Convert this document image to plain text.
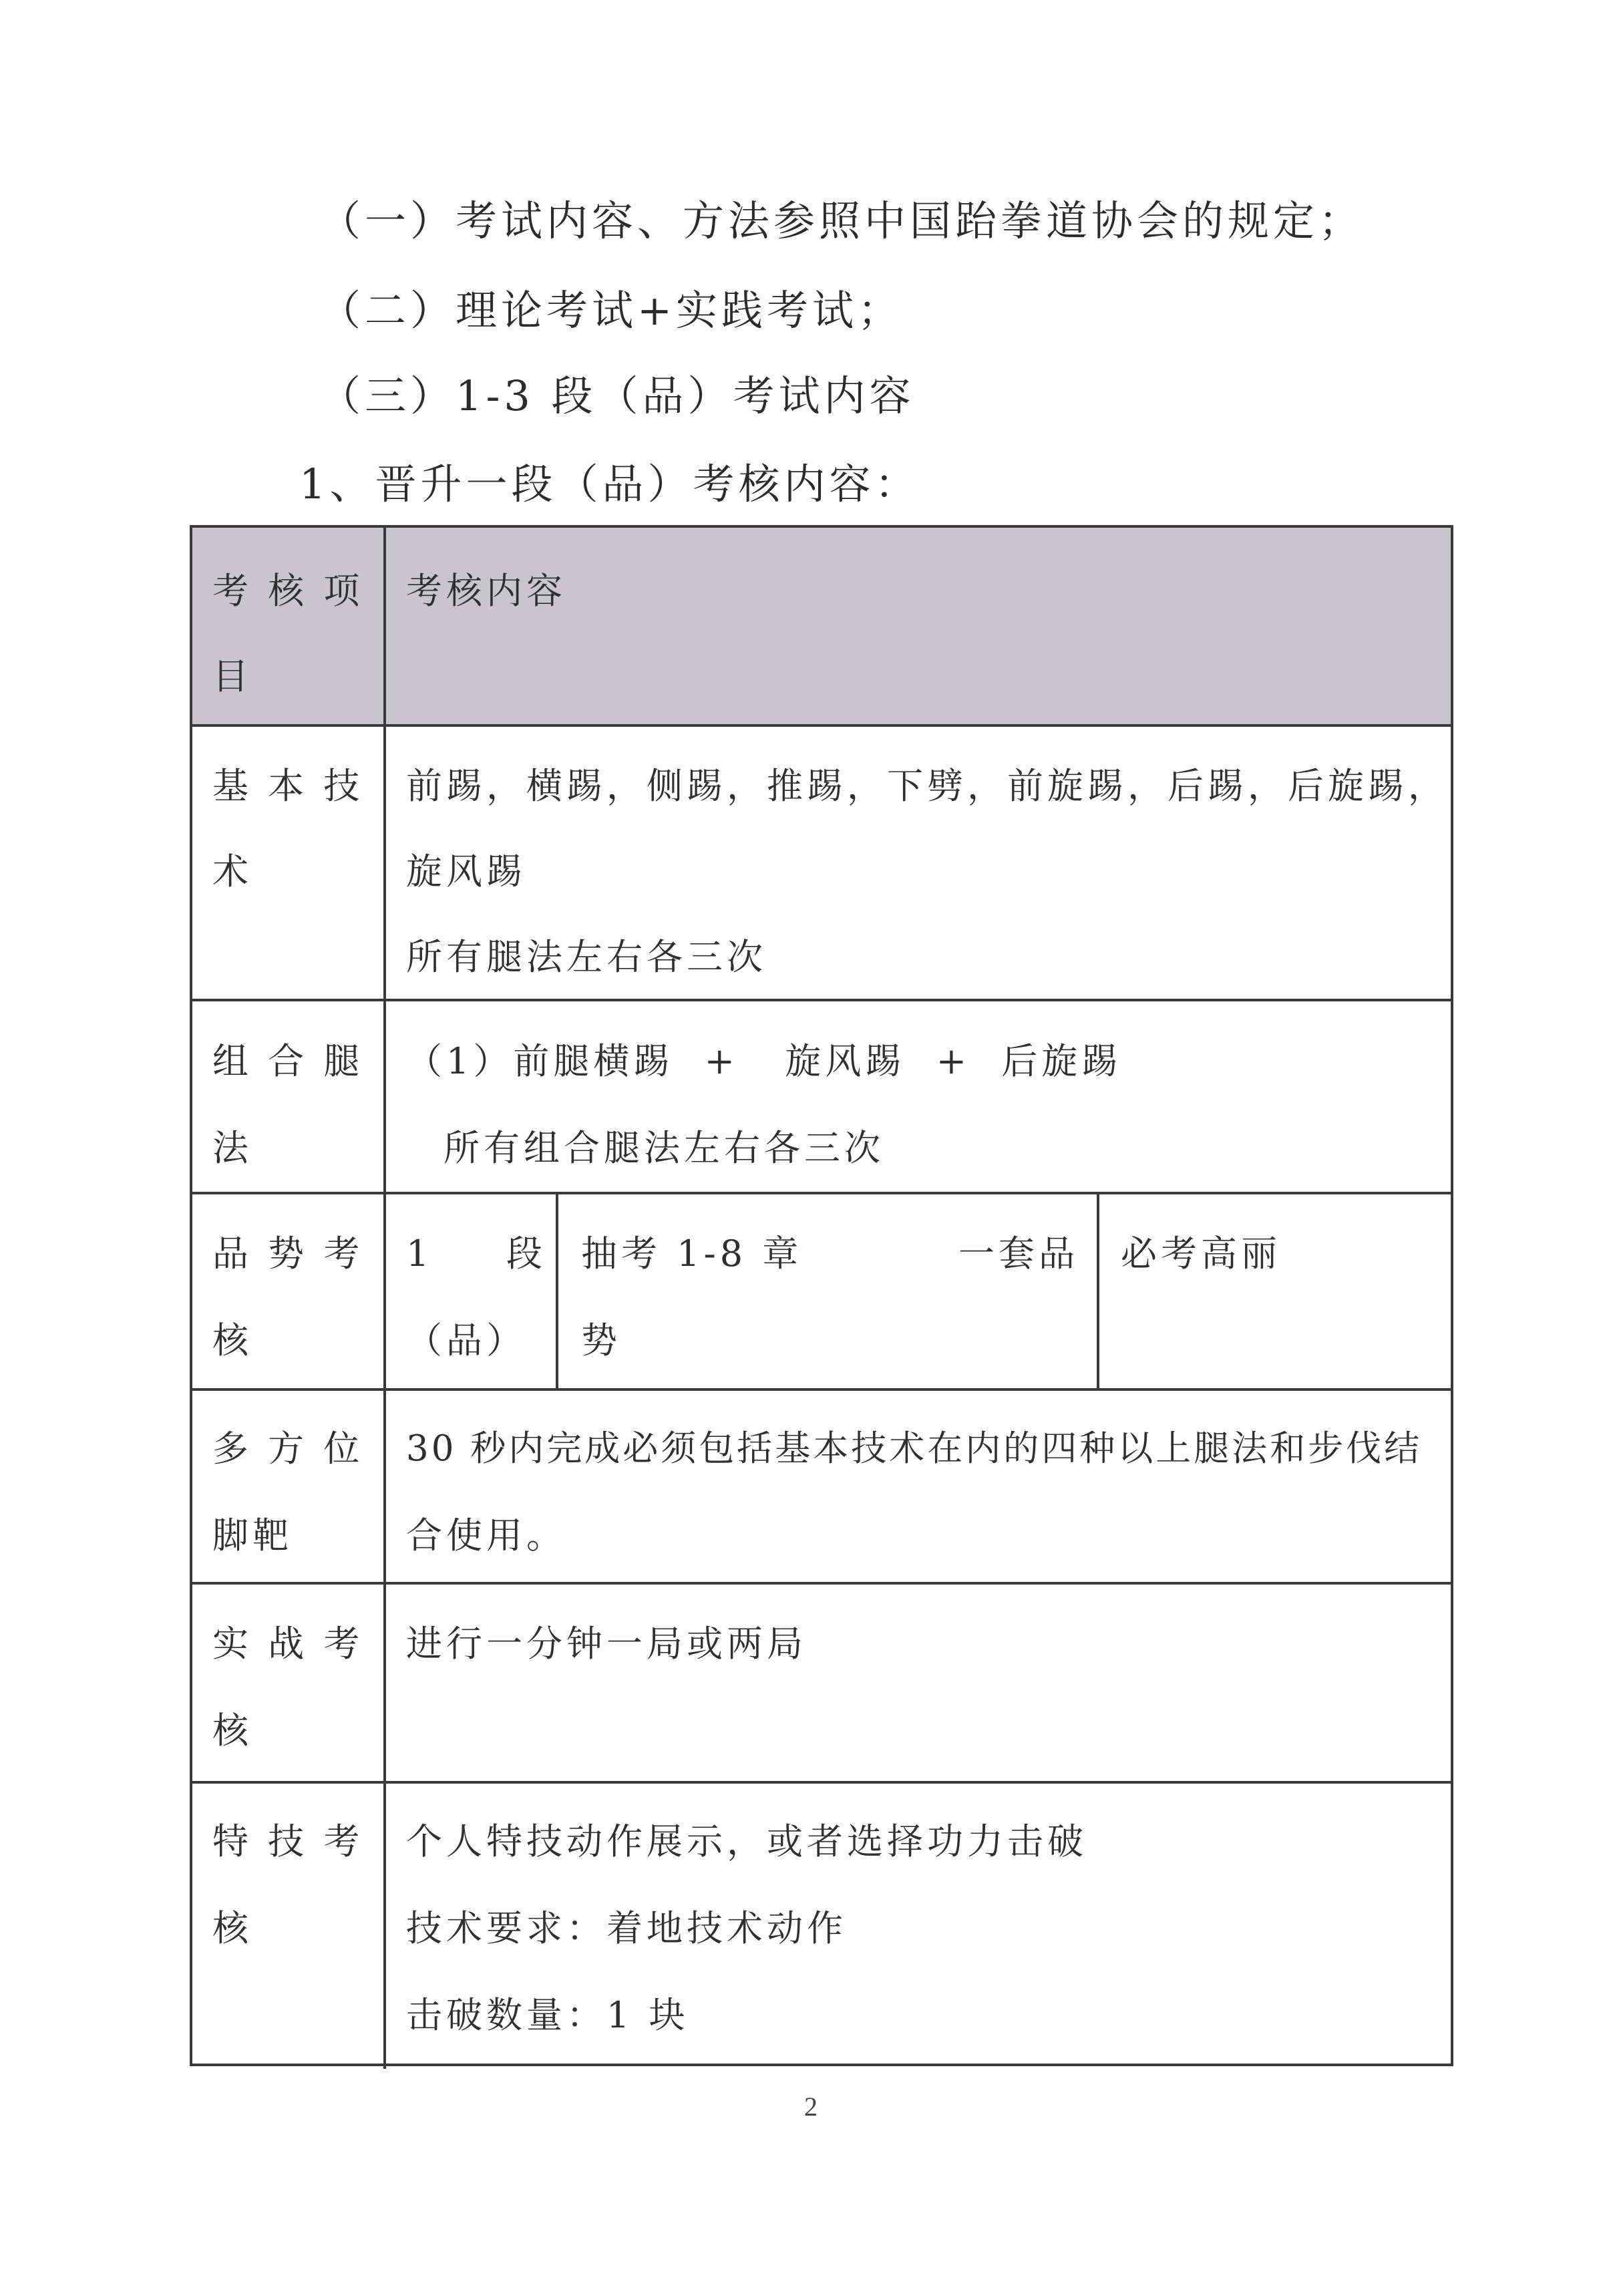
（一）考试内容、方法参照中国跆拳道协会的规定；
（二）理论考试+实践考试；
（三）1-3 段（品）考试内容
1、晋升一段（品）考核内容：
考 核 项
目
考核内容
基 本 技
术
前踢，横踢，侧踢，推踢，下劈，前旋踢，后踢，后旋踢，
旋风踢
所有腿法左右各三次
组 合 腿
法
（1）前腿横踢  +   旋风踢  +  后旋踢
所有组合腿法左右各三次
品 势 考
核
1 段
（品）
抽考 1-8 章	一套品
势
必考高丽
多 方 位
脚靶
30 秒内完成必须包括基本技术在内的四种以上腿法和步伐结
合使用。
实 战 考
核
进行一分钟一局或两局
特 技 考
核
个人特技动作展示，或者选择功力击破
技术要求：着地技术动作
击破数量：1 块
2
